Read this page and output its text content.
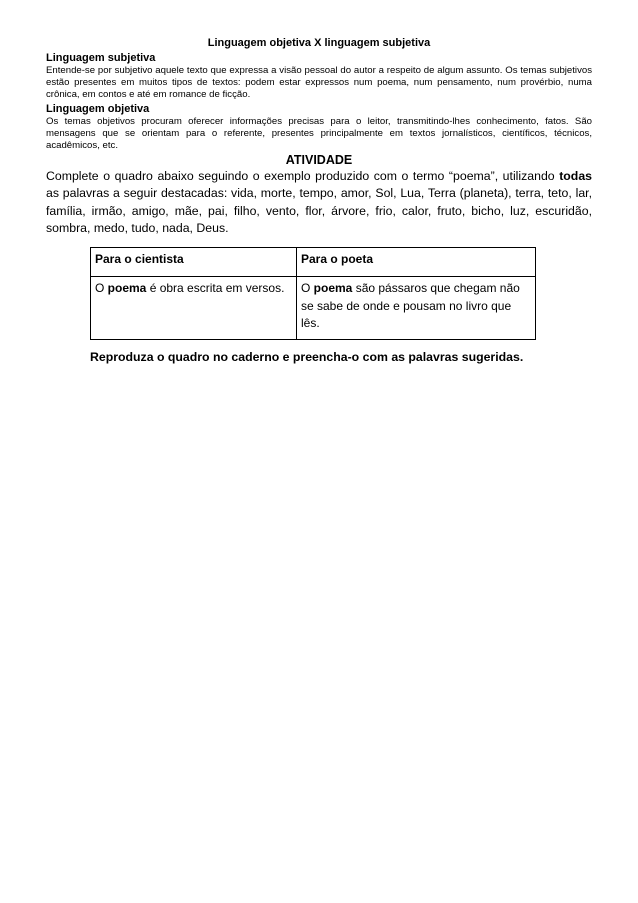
Linguagem objetiva X linguagem subjetiva
Linguagem subjetiva

Entende-se por subjetivo aquele texto que expressa a visão pessoal do autor a respeito de algum assunto. Os temas subjetivos estão presentes em muitos tipos de textos: podem estar expressos num poema, num pensamento, num provérbio, numa crônica, em contos e até em romance de ficção.

Linguagem objetiva

Os temas objetivos procuram oferecer informações precisas para o leitor, transmitindo-lhes conhecimento, fatos. São mensagens que se orientam para o referente, presentes principalmente em textos jornalísticos, científicos, técnicos, acadêmicos, etc.

ATIVIDADE

Complete o quadro abaixo seguindo o exemplo produzido com o termo “poema”, utilizando todas as palavras a seguir destacadas: vida, morte, tempo, amor, Sol, Lua, Terra (planeta), terra, teto, lar, família, irmão, amigo, mãe, pai, filho, vento, flor, árvore, frio, calor, fruto, bicho, luz, escuridão, sombra, medo, tudo, nada, Deus.

Para o cientista	Para o poeta
O poema é obra escrita em versos.	O poema são pássaros que chegam não se sabe de onde e pousam no livro que lês.

Reproduza o quadro no caderno e preencha-o com as palavras sugeridas.
